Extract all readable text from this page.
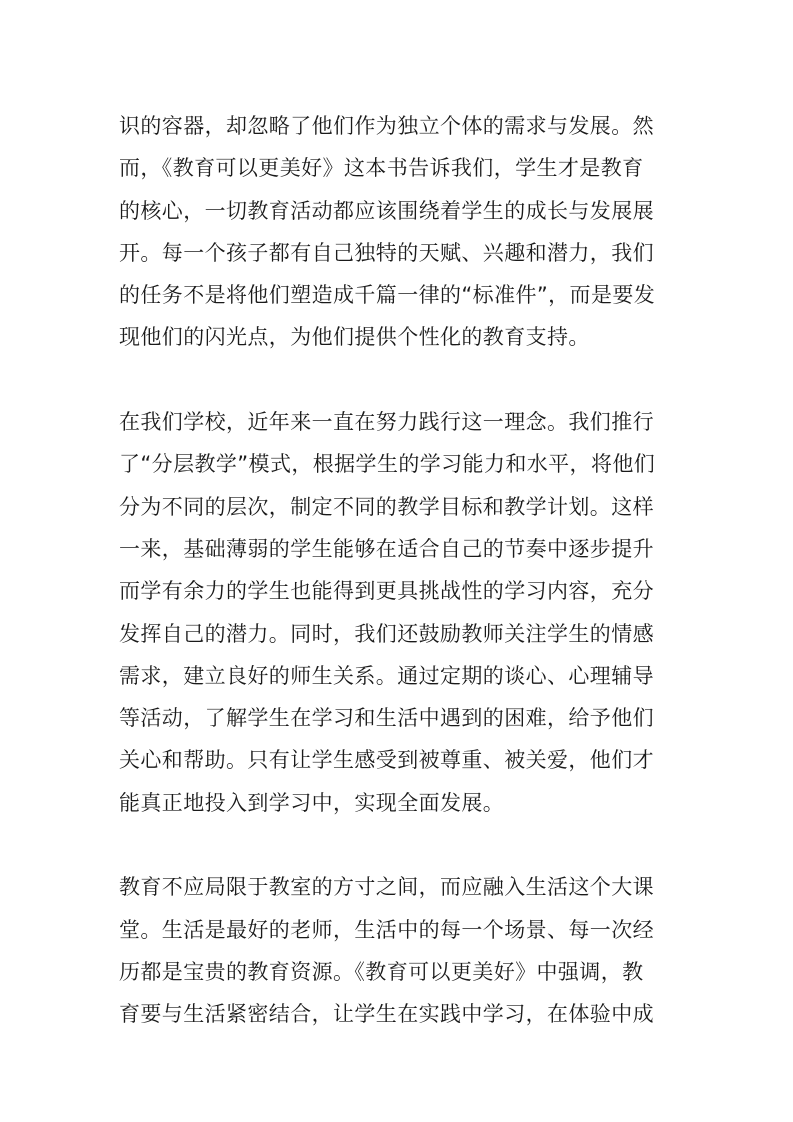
识的容器，却忽略了他们作为独立个体的需求与发展。然
而，《教育可以更美好》这本书告诉我们，学生才是教育
的核心，一切教育活动都应该围绕着学生的成长与发展展
开。每一个孩子都有自己独特的天赋、兴趣和潜力，我们
的任务不是将他们塑造成千篇一律的“标准件”，而是要发
现他们的闪光点，为他们提供个性化的教育支持。
在我们学校，近年来一直在努力践行这一理念。我们推行
了“分层教学”模式，根据学生的学习能力和水平，将他们
分为不同的层次，制定不同的教学目标和教学计划。这样
一来，基础薄弱的学生能够在适合自己的节奏中逐步提升
而学有余力的学生也能得到更具挑战性的学习内容，充分
发挥自己的潜力。同时，我们还鼓励教师关注学生的情感
需求，建立良好的师生关系。通过定期的谈心、心理辅导
等活动，了解学生在学习和生活中遇到的困难，给予他们
关心和帮助。只有让学生感受到被尊重、被关爱，他们才
能真正地投入到学习中，实现全面发展。
教育不应局限于教室的方寸之间，而应融入生活这个大课
堂。生活是最好的老师，生活中的每一个场景、每一次经
历都是宝贵的教育资源。《教育可以更美好》中强调，教
育要与生活紧密结合，让学生在实践中学习，在体验中成
